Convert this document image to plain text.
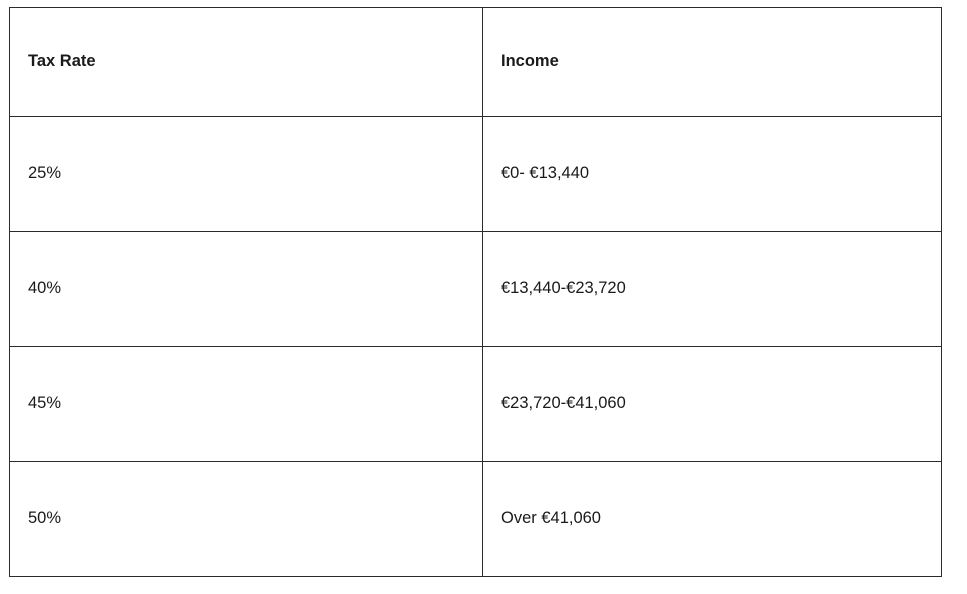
Tax Rate	Income

25%	€0- €13,440

40%	€13,440-€23,720

45%	€23,720-€41,060

50%	Over €41,060
